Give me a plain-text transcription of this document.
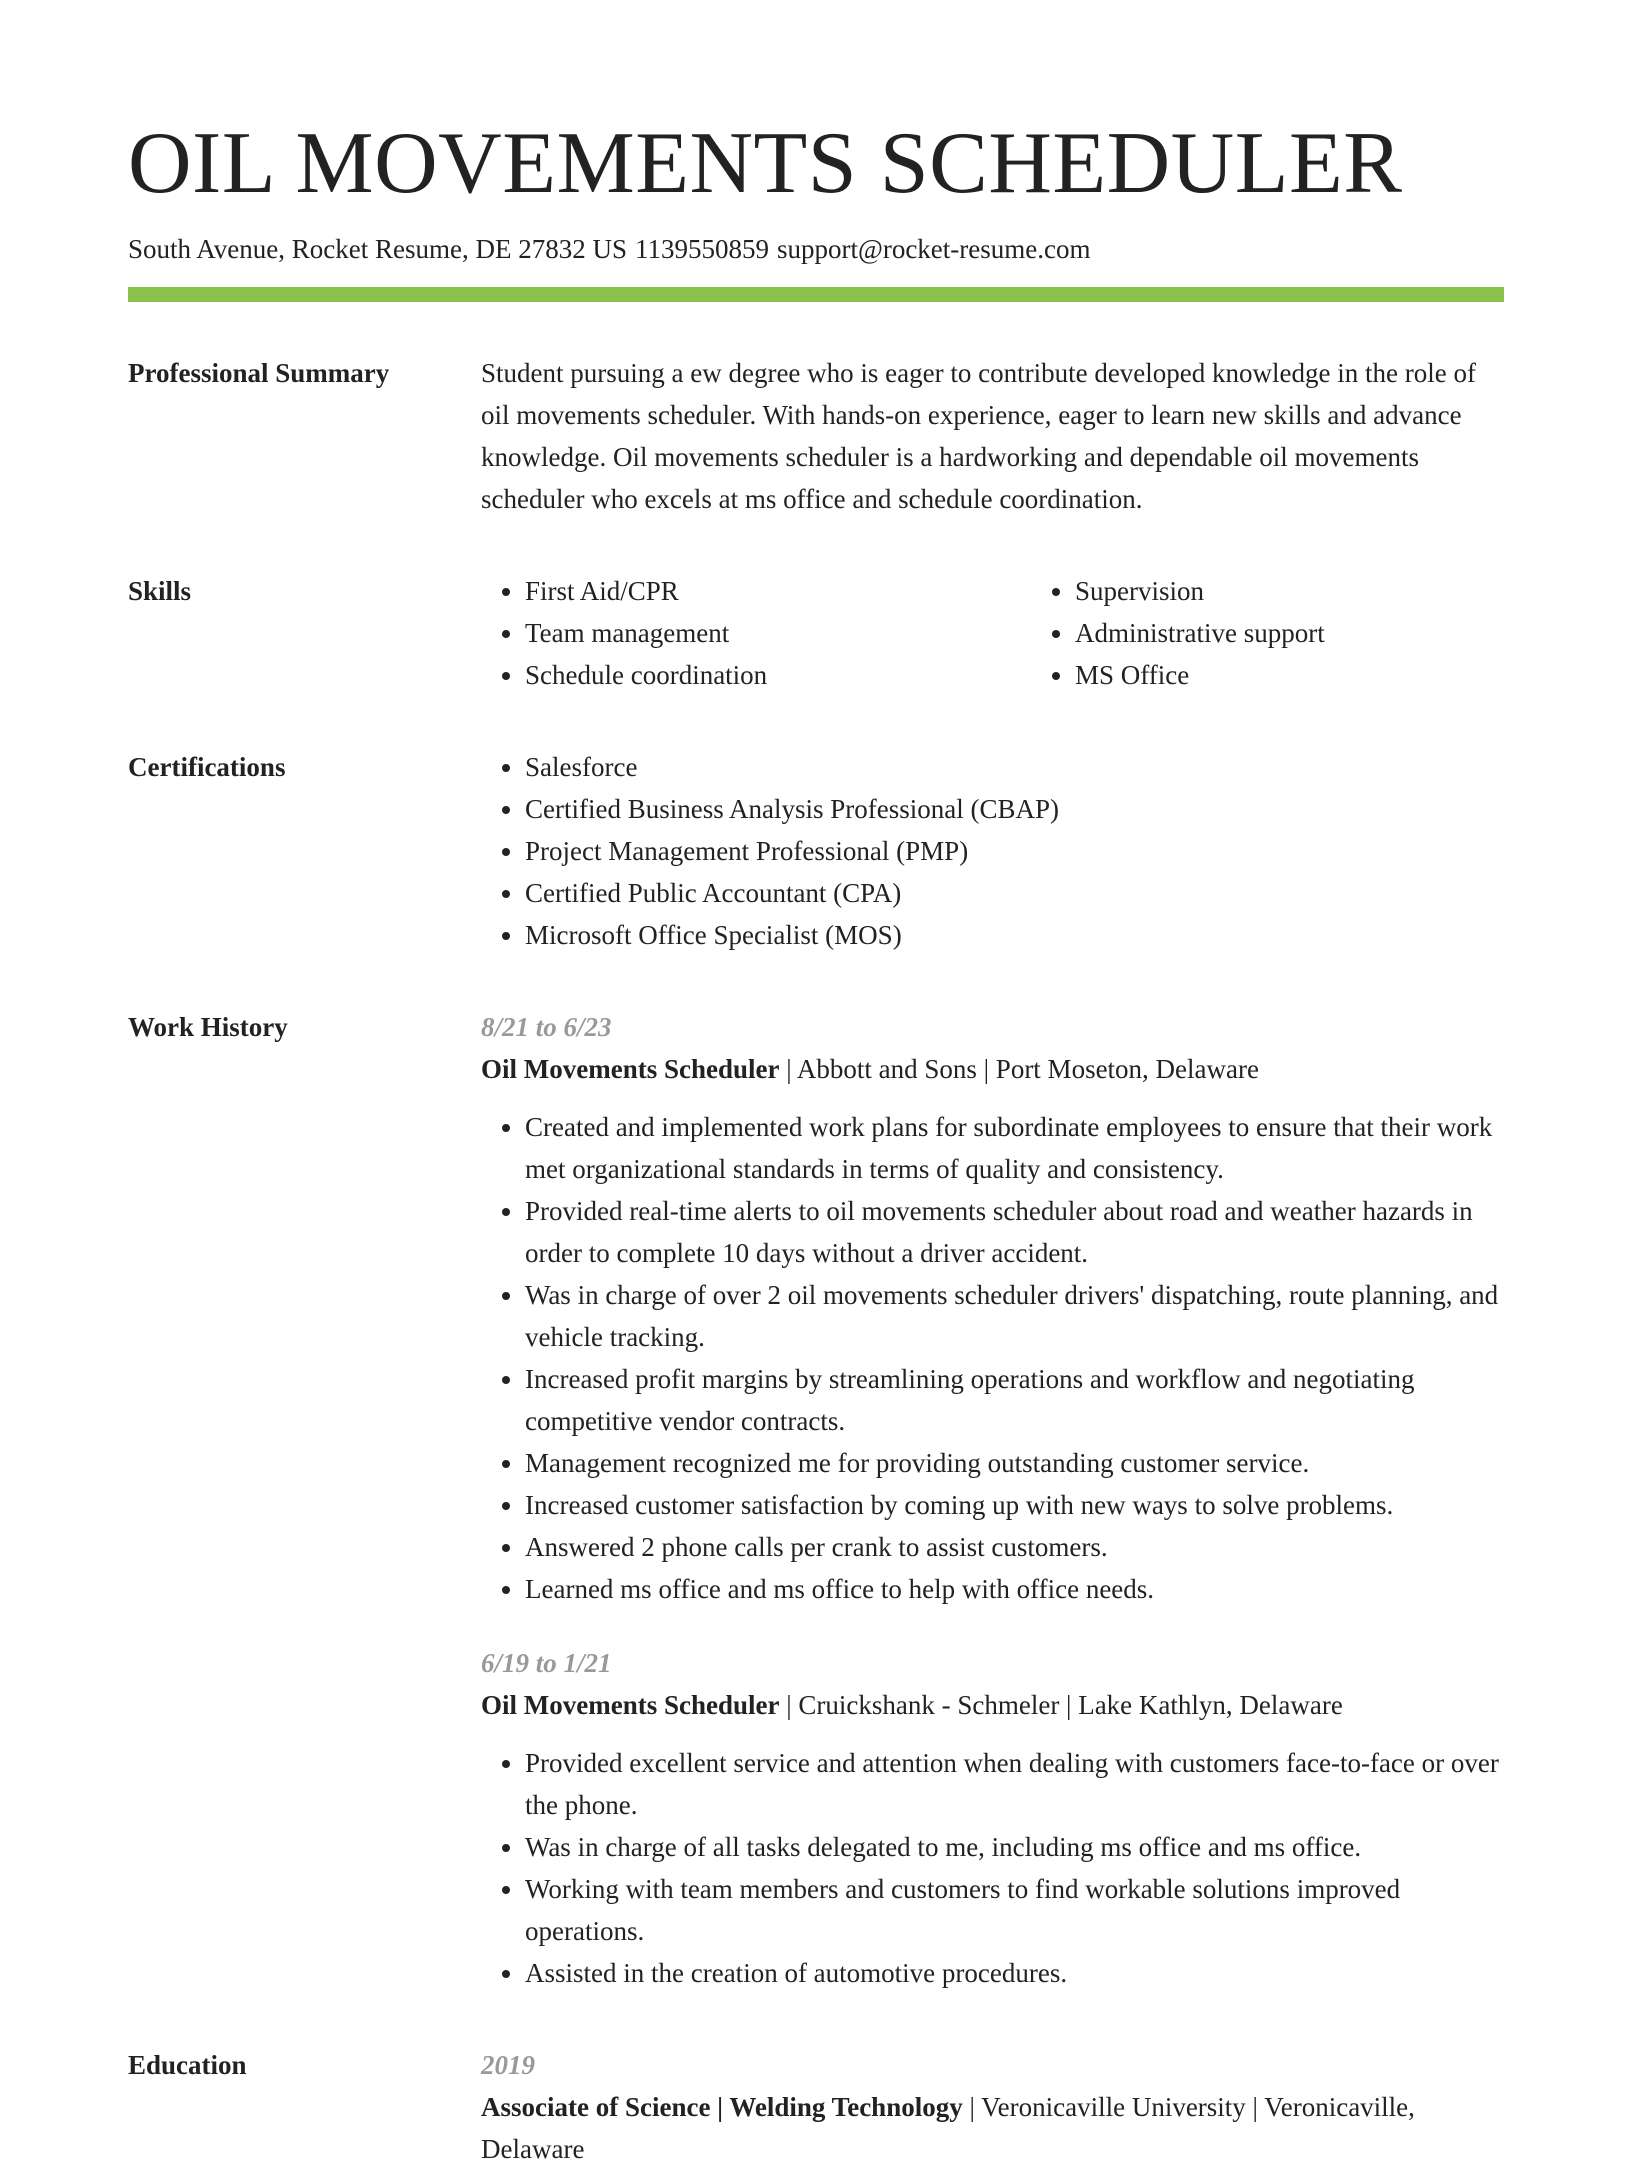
OIL MOVEMENTS SCHEDULER
South Avenue, Rocket Resume, DE 27832 US 1139550859 support@rocket-resume.com
Professional Summary	Student pursuing a ew degree who is eager to contribute developed knowledge in the role of oil movements scheduler. With hands-on experience, eager to learn new skills and advance knowledge. Oil movements scheduler is a hardworking and dependable oil movements scheduler who excels at ms office and schedule coordination.

Skills	• First Aid/CPR
• Team management
• Schedule coordination
• Supervision
• Administrative support
• MS Office
Certifications	• Salesforce
• Certified Business Analysis Professional (CBAP)
• Project Management Professional (PMP)
• Certified Public Accountant (CPA)
• Microsoft Office Specialist (MOS)
Work History	8/21 to 6/23
Oil Movements Scheduler | Abbott and Sons | Port Moseton, Delaware
• Created and implemented work plans for subordinate employees to ensure that their work met organizational standards in terms of quality and consistency.
• Provided real-time alerts to oil movements scheduler about road and weather hazards in order to complete 10 days without a driver accident.
• Was in charge of over 2 oil movements scheduler drivers' dispatching, route planning, and vehicle tracking.
• Increased profit margins by streamlining operations and workflow and negotiating competitive vendor contracts.
• Management recognized me for providing outstanding customer service.
• Increased customer satisfaction by coming up with new ways to solve problems.
• Answered 2 phone calls per crank to assist customers.
• Learned ms office and ms office to help with office needs.
6/19 to 1/21
Oil Movements Scheduler | Cruickshank - Schmeler | Lake Kathlyn, Delaware
• Provided excellent service and attention when dealing with customers face-to-face or over the phone.
• Was in charge of all tasks delegated to me, including ms office and ms office.
• Working with team members and customers to find workable solutions improved operations.
• Assisted in the creation of automotive procedures.
Education	2019
Associate of Science | Welding Technology | Veronicaville University | Veronicaville, Delaware
